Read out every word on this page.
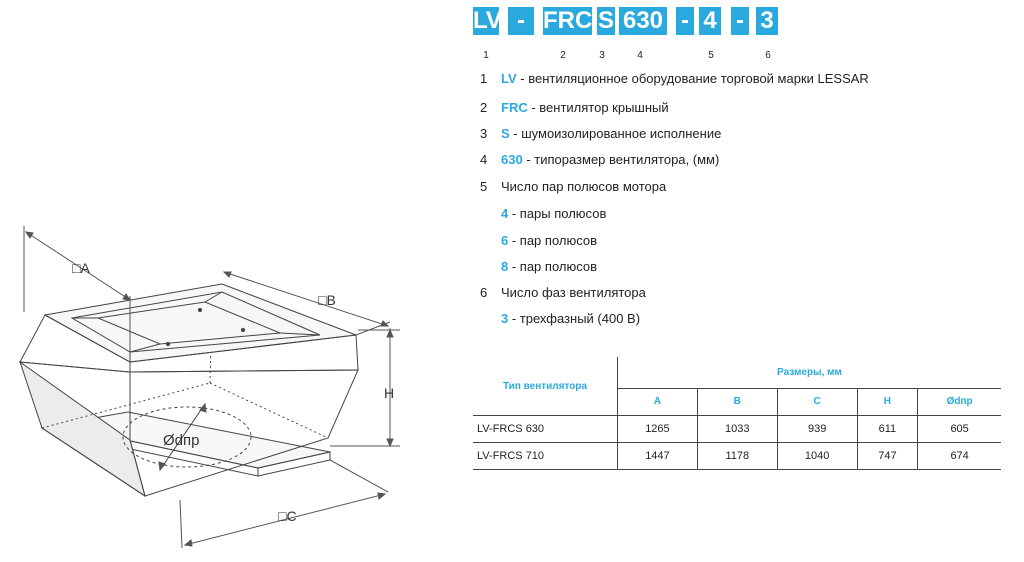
□A
□B
H
□C
Ødпр
LV - FRC S 630 - 4 - 3
1	2	3	4	5	6
1 LV - вентиляционное оборудование торговой марки LESSAR
2 FRC - вентилятор крышный
3 S - шумоизолированное исполнение
4 630 - типоразмер вентилятора, (мм)
5 Число пар полюсов мотора
4 - пары полюсов
6 - пар полюсов
8 - пар полюсов
6 Число фаз вентилятора
3 - трехфазный (400 В)
Тип вентилятора	Размеры, мм				
	A	B	C	H	Ødпр
LV-FRCS 630	1265	1033	939	611	605
LV-FRCS 710	1447	1178	1040	747	674
